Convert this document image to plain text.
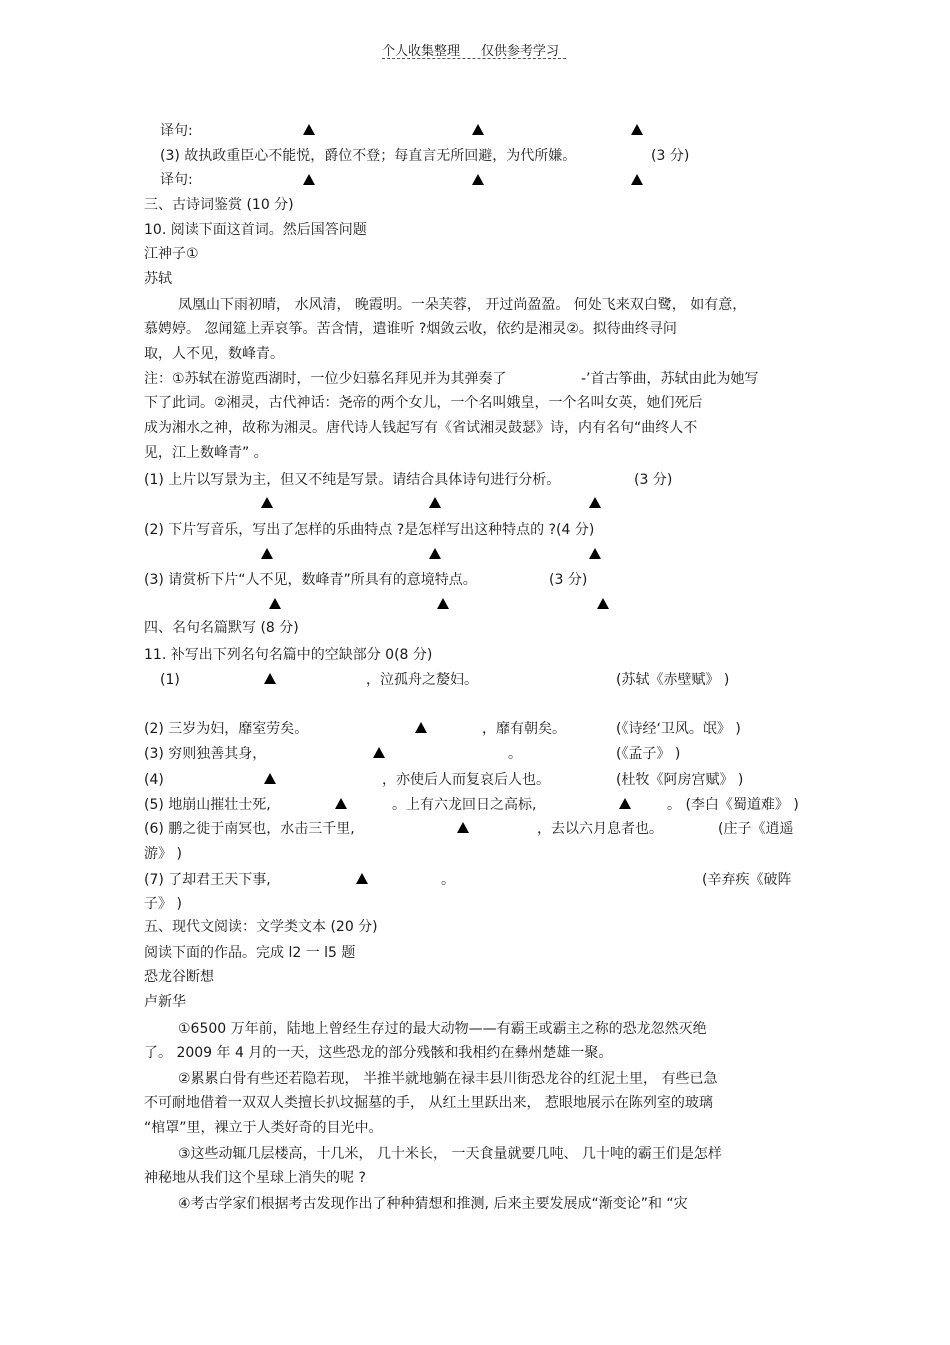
个人收集整理 仅供参考学习
译句:
(3) 故执政重臣心不能悦，爵位不登；每直言无所回避，为代所嫌。	(3 分)
译句:
三、古诗词鉴赏 (10 分)
10. 阅读下面这首词。然后国答问题
江神子①
苏轼
凤凰山下雨初晴， 水风清， 晚霞明。一朵芙蓉， 开过尚盈盈。 何处飞来双白鹭， 如有意，
慕娉婷。 忽闻筵上弄哀筝。苦含情，遣谁听 ?烟敛云收，依约是湘灵②。拟待曲终寻问
取，人不见，数峰青。
注：①苏轼在游览西湖时，一位少妇慕名拜见并为其弹奏了	-’首古筝曲，苏轼由此为她写
下了此词。②湘灵，古代神话：尧帝的两个女儿，一个名叫娥皇，一个名叫女英，她们死后
成为湘水之神，故称为湘灵。唐代诗人钱起写有《省试湘灵鼓瑟》诗，内有名句“曲终人不
见，江上数峰青” 。
(1) 上片以写景为主，但又不纯是写景。请结合具体诗句进行分析。	(3 分)
(2) 下片写音乐，写出了怎样的乐曲特点 ?是怎样写出这种特点的 ?(4 分)
(3) 请赏析下片“人不见，数峰青”所具有的意境特点。	(3 分)
四、名句名篇默写 (8 分)
11. 补写出下列名句名篇中的空缺部分 0(8 分)
(1)	，泣孤舟之嫠妇。	(苏轼《赤壁赋》 )
(2) 三岁为妇，靡室劳矣。	，靡有朝矣。	(《诗经‘卫风。氓》 )
(3) 穷则独善其身，	。	(《孟子》 )
(4)	，亦使后人而复哀后人也。	(杜牧《阿房宫赋》 )
(5) 地崩山摧壮士死,	。上有六龙回日之高标,	。 (李白《蜀道难》 )
(6) 鹏之徙于南冥也，水击三千里,	，去以六月息者也。	(庄子《逍遥
游》 )
(7) 了却君王天下事,	。	(辛弃疾《破阵
子》 )
五、现代文阅读：文学类文本 (20 分)
阅读下面的作品。完成 l2 一 l5 题
恐龙谷断想
卢新华
①6500 万年前，陆地上曾经生存过的最大动物——有霸王或霸主之称的恐龙忽然灭绝
了。 2009 年 4 月的一天，这些恐龙的部分残骸和我相约在彝州楚雄一聚。
②累累白骨有些还若隐若现， 半推半就地躺在禄丰县川街恐龙谷的红泥土里， 有些已急
不可耐地借着一双双人类擅长扒坟掘墓的手， 从红土里跃出来， 惹眼地展示在陈列室的玻璃
“棺罩”里，裸立于人类好奇的目光中。
③这些动辄几层楼高，十几米， 几十米长， 一天食量就要几吨、 几十吨的霸王们是怎样
神秘地从我们这个星球上消失的呢 ?
④考古学家们根据考古发现作出了种种猜想和推测, 后来主要发展成“渐变论”和 “灾
